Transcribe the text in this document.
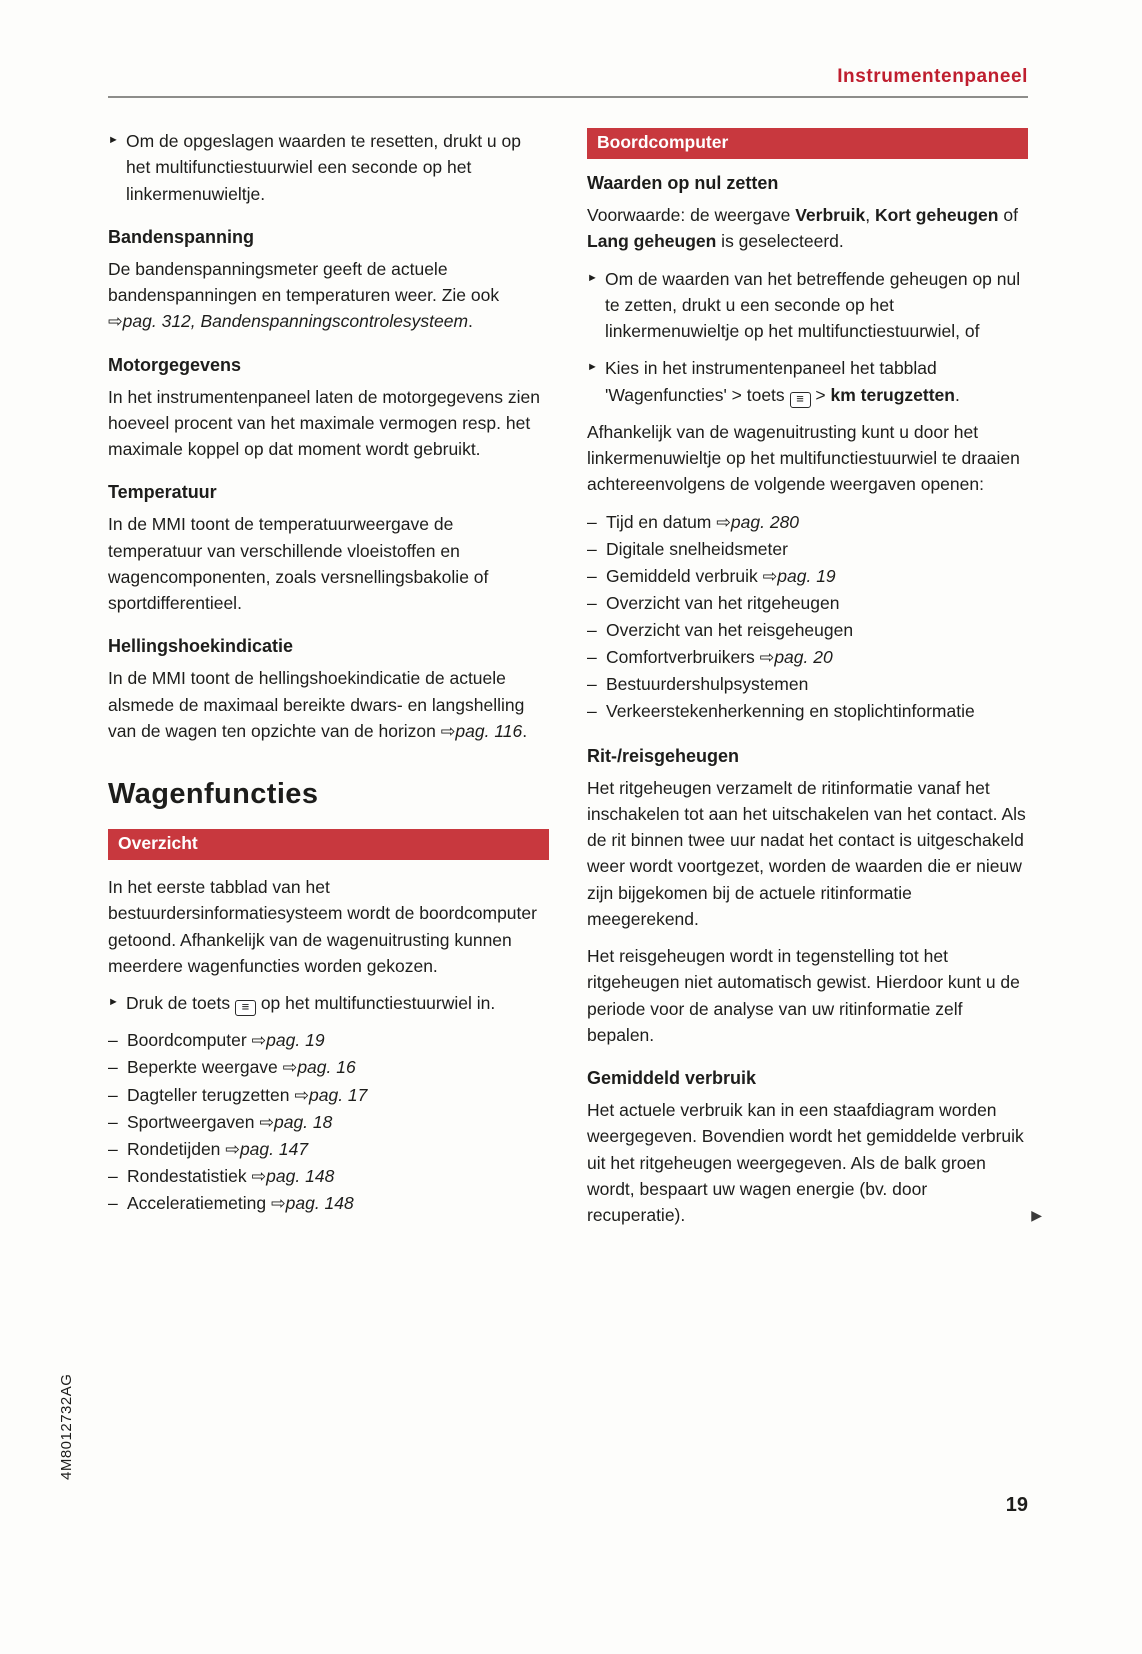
4M8012732AG
Instrumentenpaneel
► Om de opgeslagen waarden te resetten, drukt u op het multifunctiestuurwiel een seconde op het linkermenuwieltje.
Bandenspanning

De bandenspanningsmeter geeft de actuele bandenspanningen en temperaturen weer. Zie ook ⇨pag. 312, Bandenspanningscontrolesysteem.

Motorgegevens

In het instrumentenpaneel laten de motorgegevens zien hoeveel procent van het maximale vermogen resp. het maximale koppel op dat moment wordt gebruikt.

Temperatuur

In de MMI toont de temperatuurweergave de temperatuur van verschillende vloeistoffen en wagencomponenten, zoals versnellingsbakolie of sportdifferentieel.

Hellingshoekindicatie

In de MMI toont de hellingshoekindicatie de actuele alsmede de maximaal bereikte dwars- en langshelling van de wagen ten opzichte van de horizon ⇨pag. 116.

Wagenfuncties
Overzicht

In het eerste tabblad van het bestuurdersinformatiesysteem wordt de boordcomputer getoond. Afhankelijk van de wagenuitrusting kunnen meerdere wagenfuncties worden gekozen.

► Druk de toets ≡ op het multifunctiestuurwiel in.
– Boordcomputer ⇨pag. 19
– Beperkte weergave ⇨pag. 16
– Dagteller terugzetten ⇨pag. 17
– Sportweergaven ⇨pag. 18
– Rondetijden ⇨pag. 147
– Rondestatistiek ⇨pag. 148
– Acceleratiemeting ⇨pag. 148
Boordcomputer
Waarden op nul zetten

Voorwaarde: de weergave Verbruik, Kort geheugen of Lang geheugen is geselecteerd.

► Om de waarden van het betreffende geheugen op nul te zetten, drukt u een seconde op het linkermenuwieltje op het multifunctiestuurwiel, of
► Kies in het instrumentenpaneel het tabblad 'Wagenfuncties' > toets ≡ > km terugzetten.

Afhankelijk van de wagenuitrusting kunt u door het linkermenuwieltje op het multifunctiestuurwiel te draaien achtereenvolgens de volgende weergaven openen:

– Tijd en datum ⇨pag. 280
– Digitale snelheidsmeter
– Gemiddeld verbruik ⇨pag. 19
– Overzicht van het ritgeheugen
– Overzicht van het reisgeheugen
– Comfortverbruikers ⇨pag. 20
– Bestuurdershulpsystemen
– Verkeerstekenherkenning en stoplichtinformatie
Rit-/reisgeheugen

Het ritgeheugen verzamelt de ritinformatie vanaf het inschakelen tot aan het uitschakelen van het contact. Als de rit binnen twee uur nadat het contact is uitgeschakeld weer wordt voortgezet, worden de waarden die er nieuw zijn bijgekomen bij de actuele ritinformatie meegerekend.

Het reisgeheugen wordt in tegenstelling tot het ritgeheugen niet automatisch gewist. Hierdoor kunt u de periode voor de analyse van uw ritinformatie zelf bepalen.

Gemiddeld verbruik

Het actuele verbruik kan in een staafdiagram worden weergegeven. Bovendien wordt het gemiddelde verbruik uit het ritgeheugen weergegeven. Als de balk groen wordt, bespaart uw wagen energie (bv. door recuperatie).	▶
19
